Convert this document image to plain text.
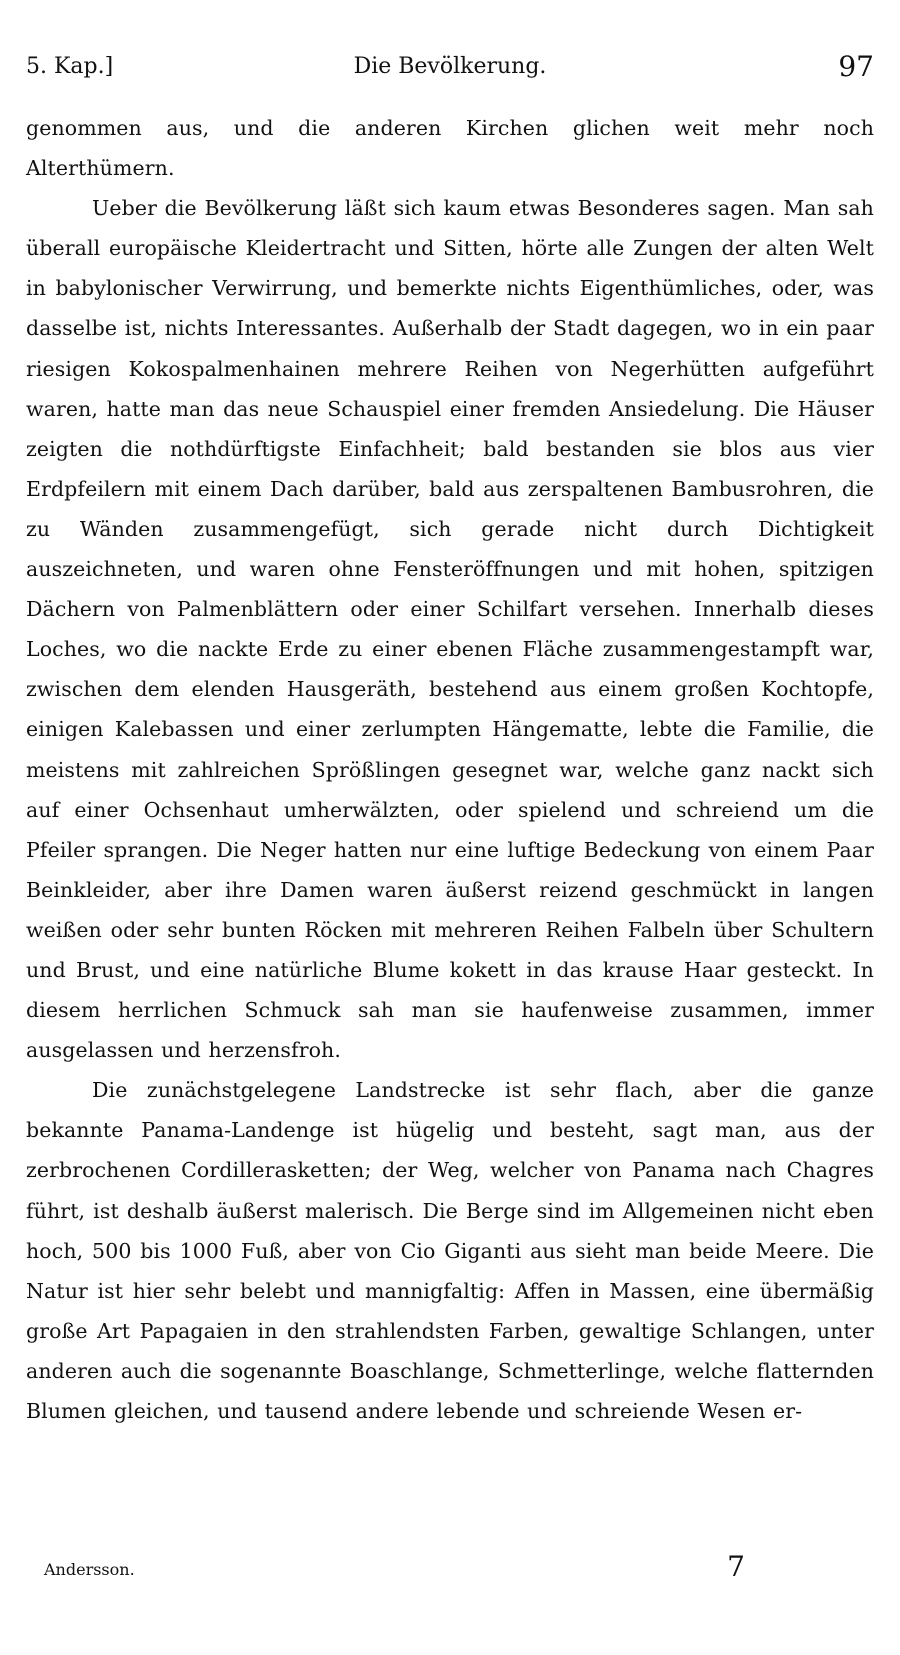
5. Kap.]	Die Bevölkerung.	97

genommen aus, und die anderen Kirchen glichen weit mehr noch Alterthümern.

Ueber die Bevölkerung läßt sich kaum etwas Besonderes sagen. Man sah überall europäische Kleidertracht und Sitten, hörte alle Zungen der alten Welt in babylonischer Verwirrung, und bemerkte nichts Eigenthümliches, oder, was dasselbe ist, nichts Interessantes. Außerhalb der Stadt dagegen, wo in ein paar riesigen Kokospalmenhainen mehrere Reihen von Negerhütten aufgeführt waren, hatte man das neue Schauspiel einer fremden Ansiedelung. Die Häuser zeigten die nothdürftigste Einfachheit; bald bestanden sie blos aus vier Erdpfeilern mit einem Dach darüber, bald aus zerspaltenen Bambusrohren, die zu Wänden zusammengefügt, sich gerade nicht durch Dichtigkeit auszeichneten, und waren ohne Fensteröffnungen und mit hohen, spitzigen Dächern von Palmenblättern oder einer Schilfart versehen. Innerhalb dieses Loches, wo die nackte Erde zu einer ebenen Fläche zusammengestampft war, zwischen dem elenden Hausgeräth, bestehend aus einem großen Kochtopfe, einigen Kalebassen und einer zerlumpten Hängematte, lebte die Familie, die meistens mit zahlreichen Sprößlingen gesegnet war, welche ganz nackt sich auf einer Ochsenhaut umherwälzten, oder spielend und schreiend um die Pfeiler sprangen. Die Neger hatten nur eine luftige Bedeckung von einem Paar Beinkleider, aber ihre Damen waren äußerst reizend geschmückt in langen weißen oder sehr bunten Röcken mit mehreren Reihen Falbeln über Schultern und Brust, und eine natürliche Blume kokett in das krause Haar gesteckt. In diesem herrlichen Schmuck sah man sie haufenweise zusammen, immer ausgelassen und herzensfroh.

Die zunächstgelegene Landstrecke ist sehr flach, aber die ganze bekannte Panama-Landenge ist hügelig und besteht, sagt man, aus der zerbrochenen Cordillerasketten; der Weg, welcher von Panama nach Chagres führt, ist deshalb äußerst malerisch. Die Berge sind im Allgemeinen nicht eben hoch, 500 bis 1000 Fuß, aber von Cio Giganti aus sieht man beide Meere. Die Natur ist hier sehr belebt und mannigfaltig: Affen in Massen, eine übermäßig große Art Papagaien in den strahlendsten Farben, gewaltige Schlangen, unter anderen auch die sogenannte Boaschlange, Schmetterlinge, welche flatternden Blumen gleichen, und tausend andere lebende und schreiende Wesen er-

Andersson.	7
